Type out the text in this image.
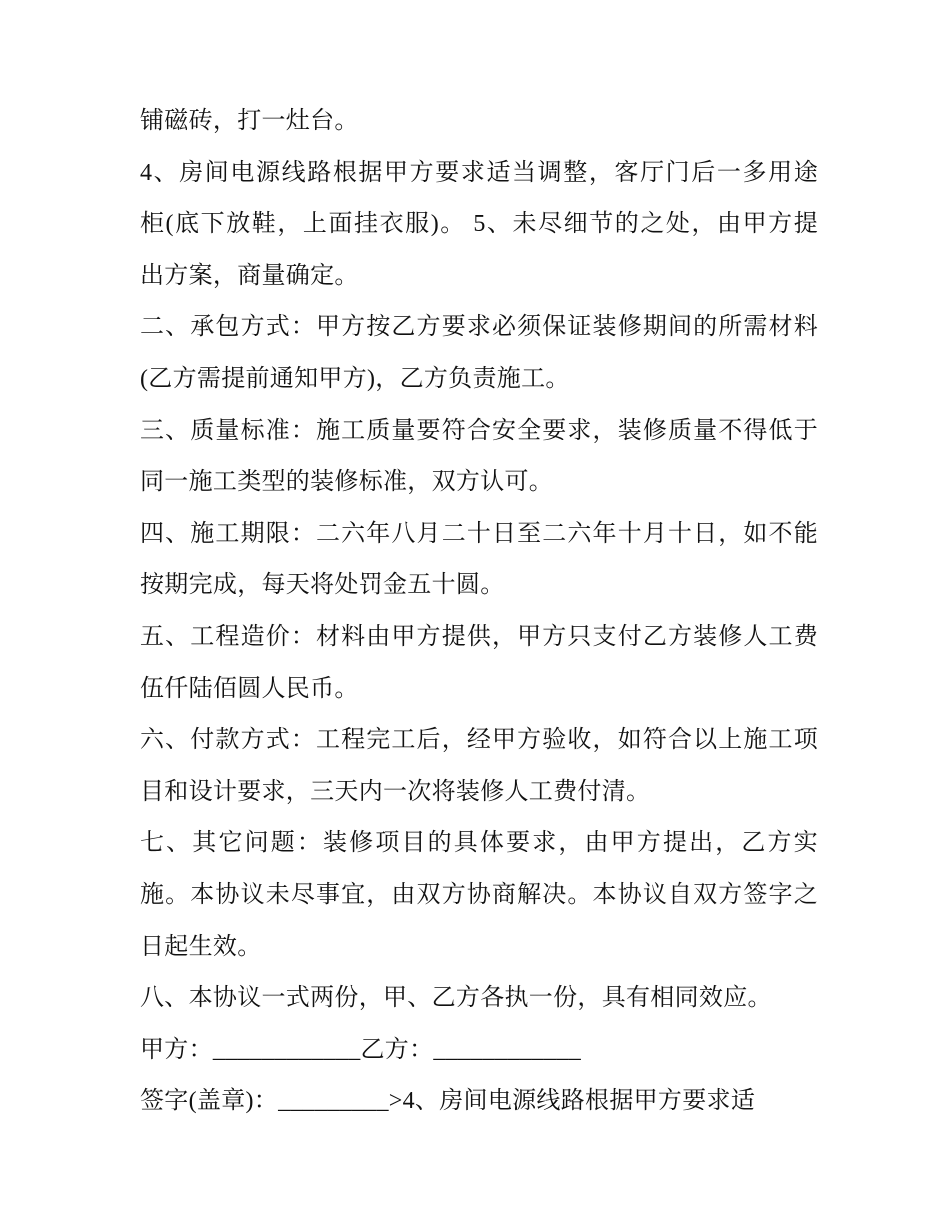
铺磁砖，打一灶台。
4、房间电源线路根据甲方要求适当调整，客厅门后一多用途
柜(底下放鞋，上面挂衣服)。 5、未尽细节的之处，由甲方提
出方案，商量确定。
二、承包方式：甲方按乙方要求必须保证装修期间的所需材料
(乙方需提前通知甲方)，乙方负责施工。
三、质量标准：施工质量要符合安全要求，装修质量不得低于
同一施工类型的装修标准，双方认可。
四、施工期限：二六年八月二十日至二六年十月十日，如不能
按期完成，每天将处罚金五十圆。
五、工程造价：材料由甲方提供，甲方只支付乙方装修人工费
伍仟陆佰圆人民币。
六、付款方式：工程完工后，经甲方验收，如符合以上施工项
目和设计要求，三天内一次将装修人工费付清。
七、其它问题：装修项目的具体要求，由甲方提出，乙方实
施。本协议未尽事宜，由双方协商解决。本协议自双方签字之
日起生效。
八、本协议一式两份，甲、乙方各执一份，具有相同效应。
甲方：____________乙方：____________
签字(盖章)：_________>4、房间电源线路根据甲方要求适
